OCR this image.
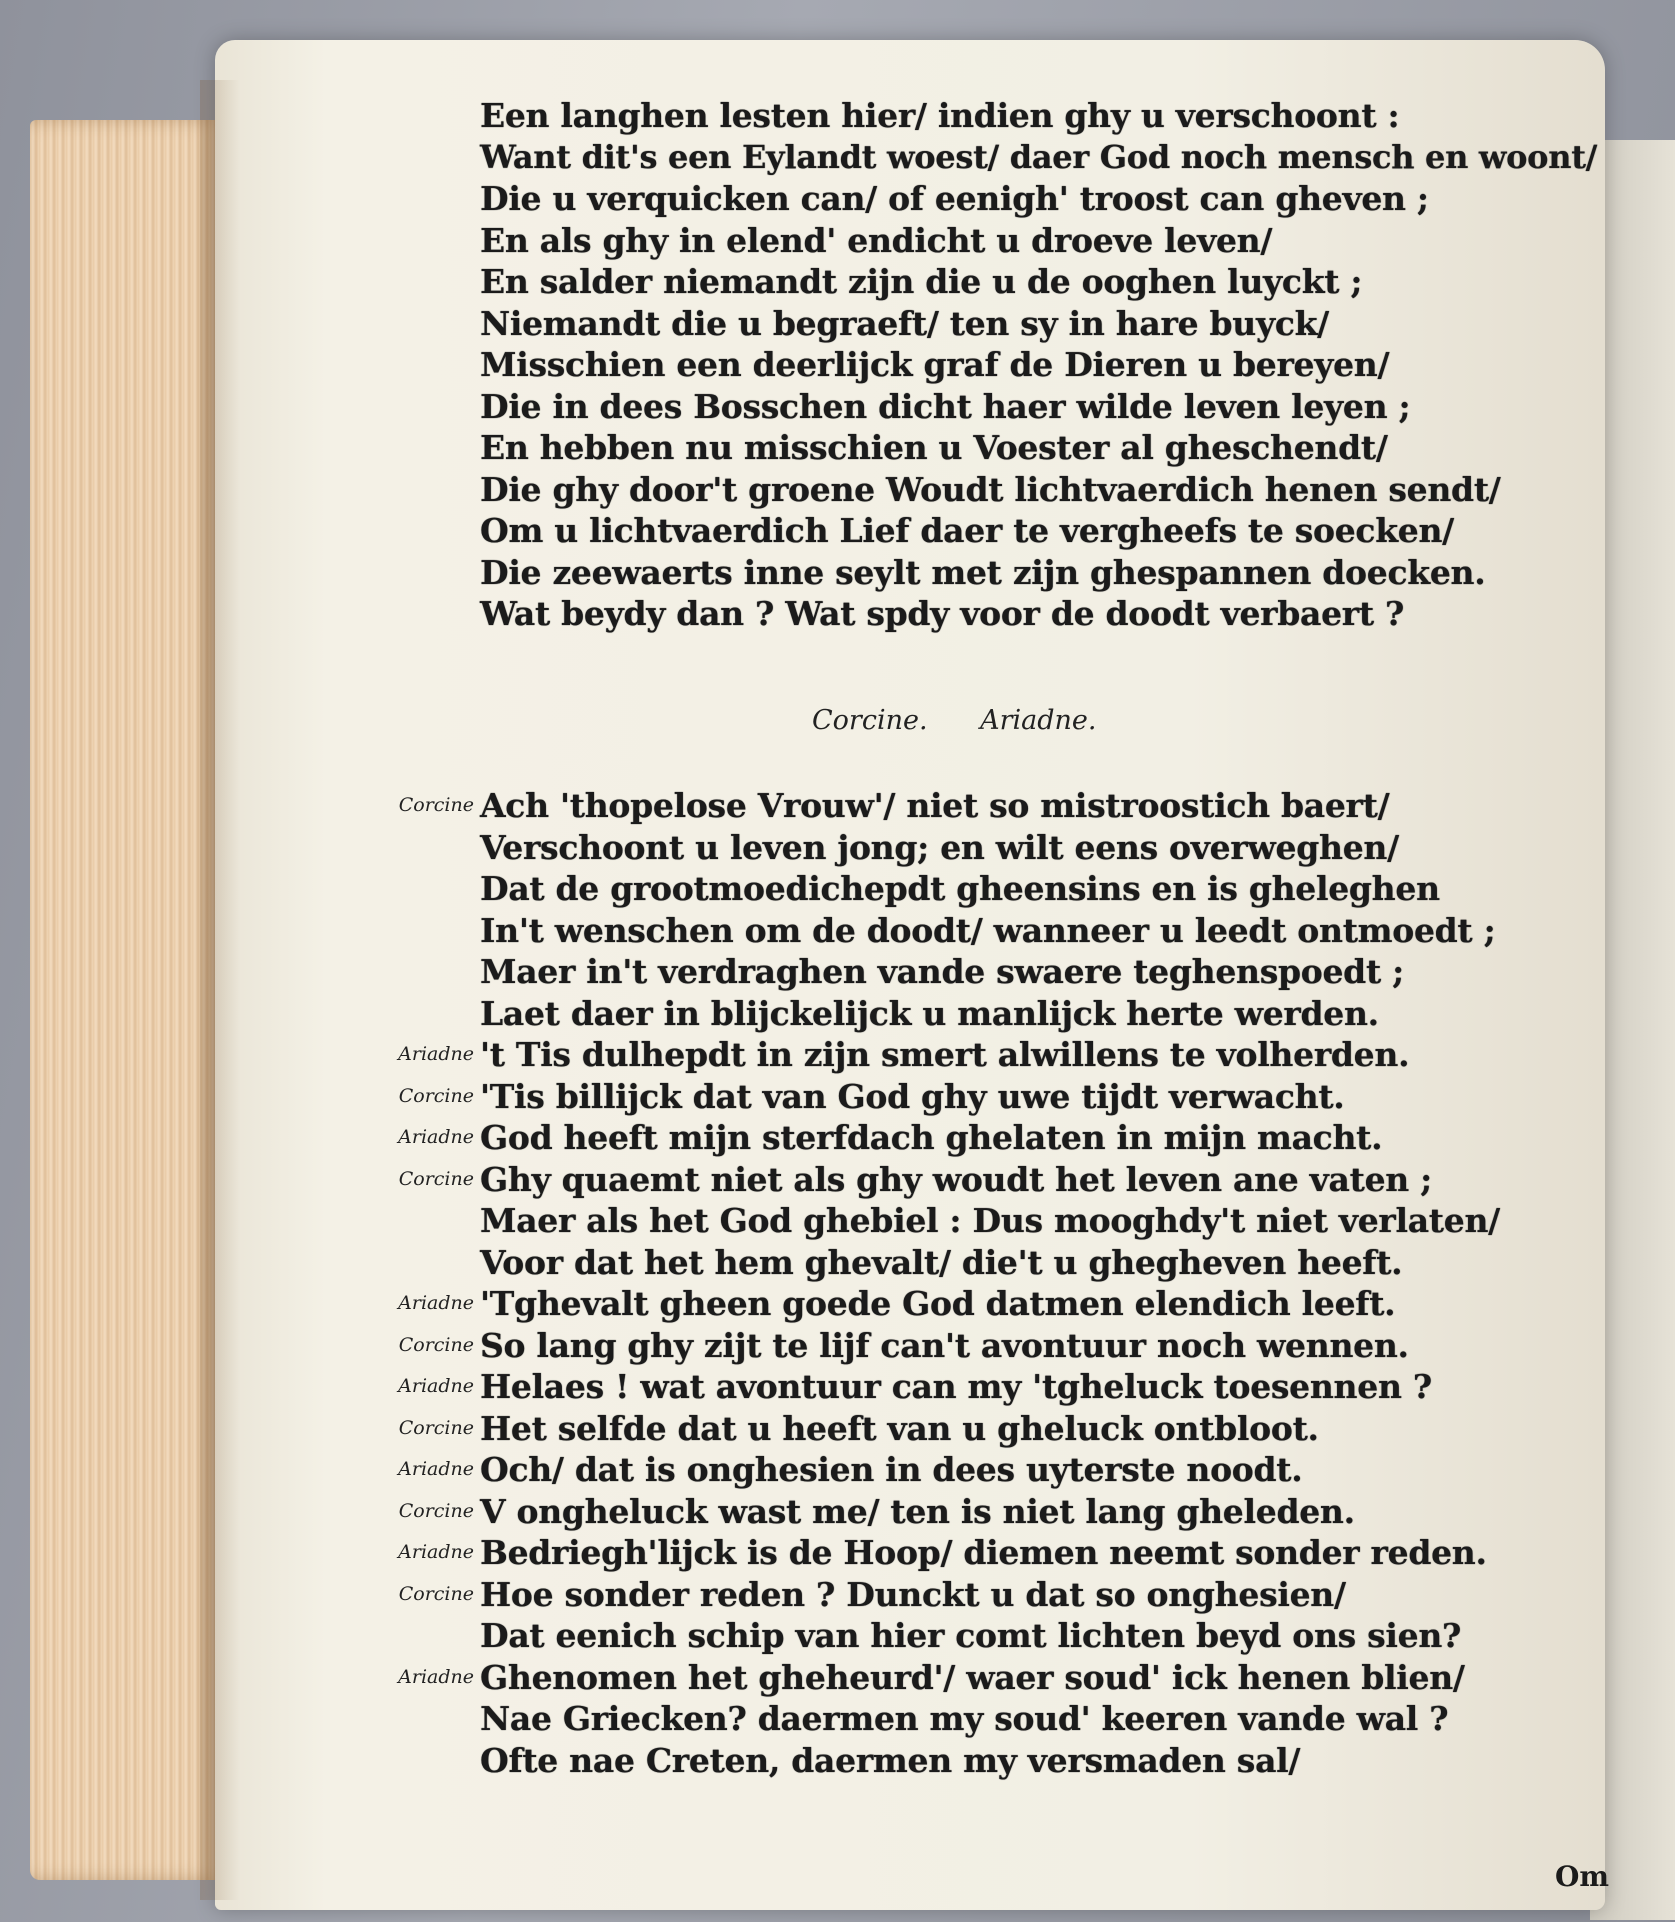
Een langhen lesten hier/ indien ghy u verschoont :
Want dit's een Eylandt woest/ daer God noch mensch en woont/
Die u verquicken can/ of eenigh' troost can gheven ;
En als ghy in elend' endicht u droeve leven/
En salder niemandt zijn die u de ooghen luyckt ;
Niemandt die u begraeft/ ten sy in hare buyck/
Misschien een deerlijck graf de Dieren u bereyen/
Die in dees Bosschen dicht haer wilde leven leyen ;
En hebben nu misschien u Voester al gheschendt/
Die ghy door't groene Woudt lichtvaerdich henen sendt/
Om u lichtvaerdich Lief daer te vergheefs te soecken/
Die zeewaerts inne seylt met zijn ghespannen doecken.
Wat beydy dan ? Wat spdy voor de doodt verbaert ?
Corcine. Ariadne.
Corcine Ach 'thopelose Vrouw'/ niet so mistroostich baert/
Verschoont u leven jong; en wilt eens overweghen/
Dat de grootmoedichepdt gheensins en is gheleghen
In't wenschen om de doodt/ wanneer u leedt ontmoedt ;
Maer in't verdraghen vande swaere teghenspoedt ;
Laet daer in blijckelijck u manlijck herte werden.
Ariadne 't Tis dulhepdt in zijn smert alwillens te volherden.
Corcine 'Tis billijck dat van God ghy uwe tijdt verwacht.
Ariadne God heeft mijn sterfdach ghelaten in mijn macht.
Corcine Ghy quaemt niet als ghy woudt het leven ane vaten ;
Maer als het God ghebiel : Dus mooghdy't niet verlaten/
Voor dat het hem ghevalt/ die't u ghegheven heeft.
Ariadne 'Tghevalt gheen goede God datmen elendich leeft.
Corcine So lang ghy zijt te lijf can't avontuur noch wennen.
Ariadne Helaes ! wat avontuur can my 'tgheluck toesennen ?
Corcine Het selfde dat u heeft van u gheluck ontbloot.
Ariadne Och/ dat is onghesien in dees uyterste noodt.
Corcine V ongheluck wast me/ ten is niet lang gheleden.
Ariadne Bedriegh'lijck is de Hoop/ diemen neemt sonder reden.
Corcine Hoe sonder reden ? Dunckt u dat so onghesien/
Dat eenich schip van hier comt lichten beyd ons sien?
Ariadne Ghenomen het gheheurd'/ waer soud' ick henen blien/
Nae Griecken? daermen my soud' keeren vande wal ?
Ofte nae Creten, daermen my versmaden sal/
Om
